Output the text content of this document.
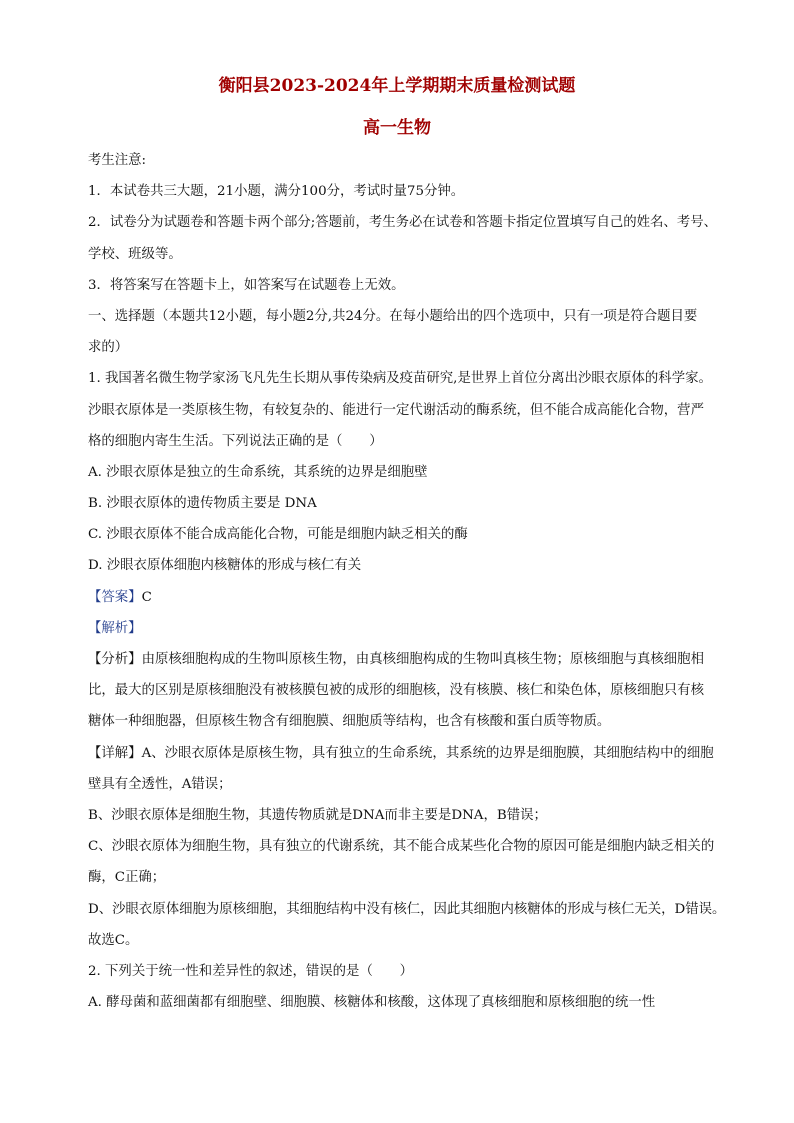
衡阳县2023-2024年上学期期末质量检测试题
高一生物
考生注意:
1．本试卷共三大题，21小题，满分100分，考试时量75分钟。
2．试卷分为试题卷和答题卡两个部分;答题前，考生务必在试卷和答题卡指定位置填写自己的姓名、考号、
学校、班级等。
3．将答案写在答题卡上，如答案写在试题卷上无效。
一、选择题（本题共12小题，每小题2分,共24分。在每小题给出的四个选项中，只有一项是符合题目要
求的）
1. 我国著名微生物学家汤飞凡先生长期从事传染病及疫苗研究,是世界上首位分离出沙眼衣原体的科学家。
沙眼衣原体是一类原核生物，有较复杂的、能进行一定代谢活动的酶系统，但不能合成高能化合物，营严
格的细胞内寄生生活。下列说法正确的是（　　）
A. 沙眼衣原体是独立的生命系统，其系统的边界是细胞壁
B. 沙眼衣原体的遗传物质主要是 DNA
C. 沙眼衣原体不能合成高能化合物，可能是细胞内缺乏相关的酶
D. 沙眼衣原体细胞内核糖体的形成与核仁有关
【答案】C
【解析】
【分析】由原核细胞构成的生物叫原核生物，由真核细胞构成的生物叫真核生物；原核细胞与真核细胞相
比，最大的区别是原核细胞没有被核膜包被的成形的细胞核，没有核膜、核仁和染色体，原核细胞只有核
糖体一种细胞器，但原核生物含有细胞膜、细胞质等结构，也含有核酸和蛋白质等物质。
【详解】A、沙眼衣原体是原核生物，具有独立的生命系统，其系统的边界是细胞膜，其细胞结构中的细胞
壁具有全透性，A错误；
B、沙眼衣原体是细胞生物，其遗传物质就是DNA而非主要是DNA，B错误；
C、沙眼衣原体为细胞生物，具有独立的代谢系统，其不能合成某些化合物的原因可能是细胞内缺乏相关的
酶，C正确；
D、沙眼衣原体细胞为原核细胞，其细胞结构中没有核仁，因此其细胞内核糖体的形成与核仁无关，D错误。
故选C。
2. 下列关于统一性和差异性的叙述，错误的是（　　）
A. 酵母菌和蓝细菌都有细胞壁、细胞膜、核糖体和核酸，这体现了真核细胞和原核细胞的统一性
